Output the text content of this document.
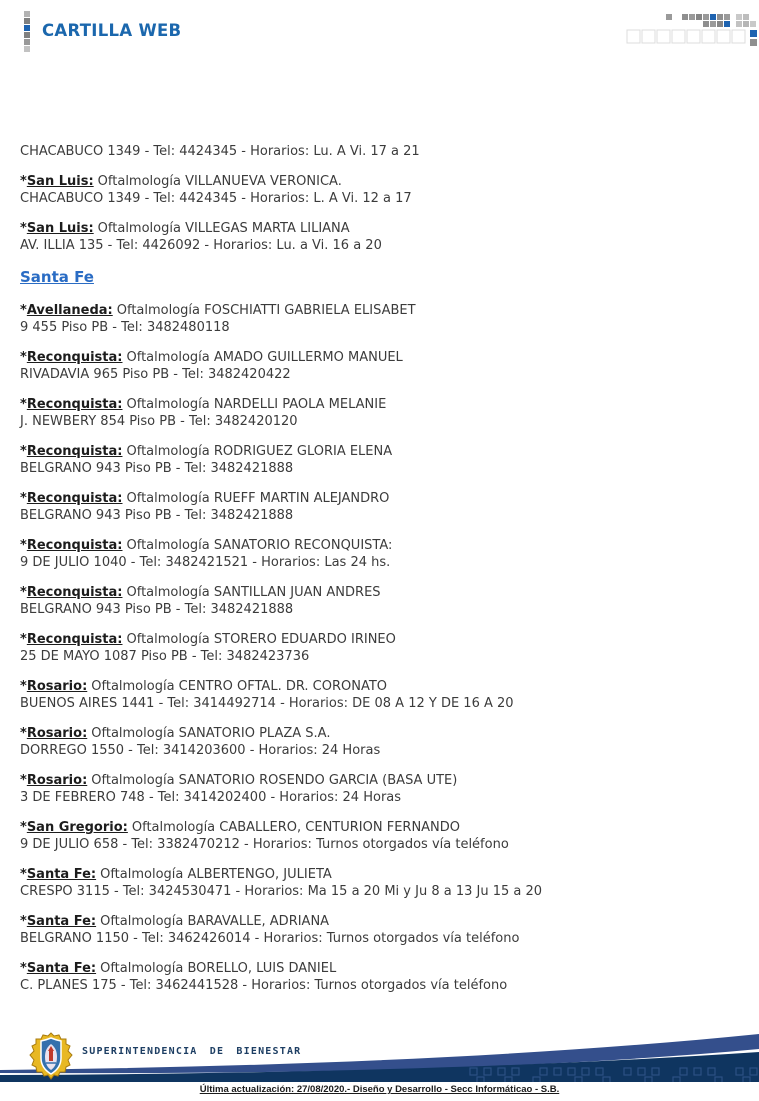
CARTILLA WEB
CHACABUCO 1349 - Tel: 4424345 - Horarios: Lu. A Vi. 17 a 21
*San Luis: Oftalmología VILLANUEVA VERONICA.
CHACABUCO 1349 - Tel: 4424345 - Horarios: L. A Vi. 12 a 17
*San Luis: Oftalmología VILLEGAS MARTA LILIANA
AV. ILLIA 135 - Tel: 4426092 - Horarios: Lu. a Vi. 16 a 20
Santa Fe
*Avellaneda: Oftalmología FOSCHIATTI GABRIELA ELISABET
9 455 Piso PB - Tel: 3482480118
*Reconquista: Oftalmología AMADO GUILLERMO MANUEL
RIVADAVIA 965 Piso PB - Tel: 3482420422
*Reconquista: Oftalmología NARDELLI PAOLA MELANIE
J. NEWBERY 854 Piso PB - Tel: 3482420120
*Reconquista: Oftalmología RODRIGUEZ GLORIA ELENA
BELGRANO 943 Piso PB - Tel: 3482421888
*Reconquista: Oftalmología RUEFF MARTIN ALEJANDRO
BELGRANO 943 Piso PB - Tel: 3482421888
*Reconquista: Oftalmología SANATORIO RECONQUISTA:
9 DE JULIO 1040 - Tel: 3482421521 - Horarios: Las 24 hs.
*Reconquista: Oftalmología SANTILLAN JUAN ANDRES
BELGRANO 943 Piso PB - Tel: 3482421888
*Reconquista: Oftalmología STORERO EDUARDO IRINEO
25 DE MAYO 1087 Piso PB - Tel: 3482423736
*Rosario: Oftalmología CENTRO OFTAL. DR. CORONATO
BUENOS AIRES 1441 - Tel: 3414492714 - Horarios: DE 08 A 12 Y DE 16 A 20
*Rosario: Oftalmología SANATORIO PLAZA S.A.
DORREGO 1550 - Tel: 3414203600 - Horarios: 24 Horas
*Rosario: Oftalmología SANATORIO ROSENDO GARCIA (BASA UTE)
3 DE FEBRERO 748 - Tel: 3414202400 - Horarios: 24 Horas
*San Gregorio: Oftalmología CABALLERO, CENTURION FERNANDO
9 DE JULIO 658 - Tel: 3382470212 - Horarios: Turnos otorgados vía teléfono
*Santa Fe: Oftalmología ALBERTENGO, JULIETA
CRESPO 3115 - Tel: 3424530471 - Horarios: Ma 15 a 20 Mi y Ju 8 a 13 Ju 15 a 20
*Santa Fe: Oftalmología BARAVALLE, ADRIANA
BELGRANO 1150 - Tel: 3462426014 - Horarios: Turnos otorgados vía teléfono
*Santa Fe: Oftalmología BORELLO, LUIS DANIEL
C. PLANES 175 - Tel: 3462441528 - Horarios: Turnos otorgados vía teléfono
SUPERINTENDENCIA DE BIENESTAR
Última actualización: 27/08/2020.- Diseño y Desarrollo - Secc Informáticao - S.B.
